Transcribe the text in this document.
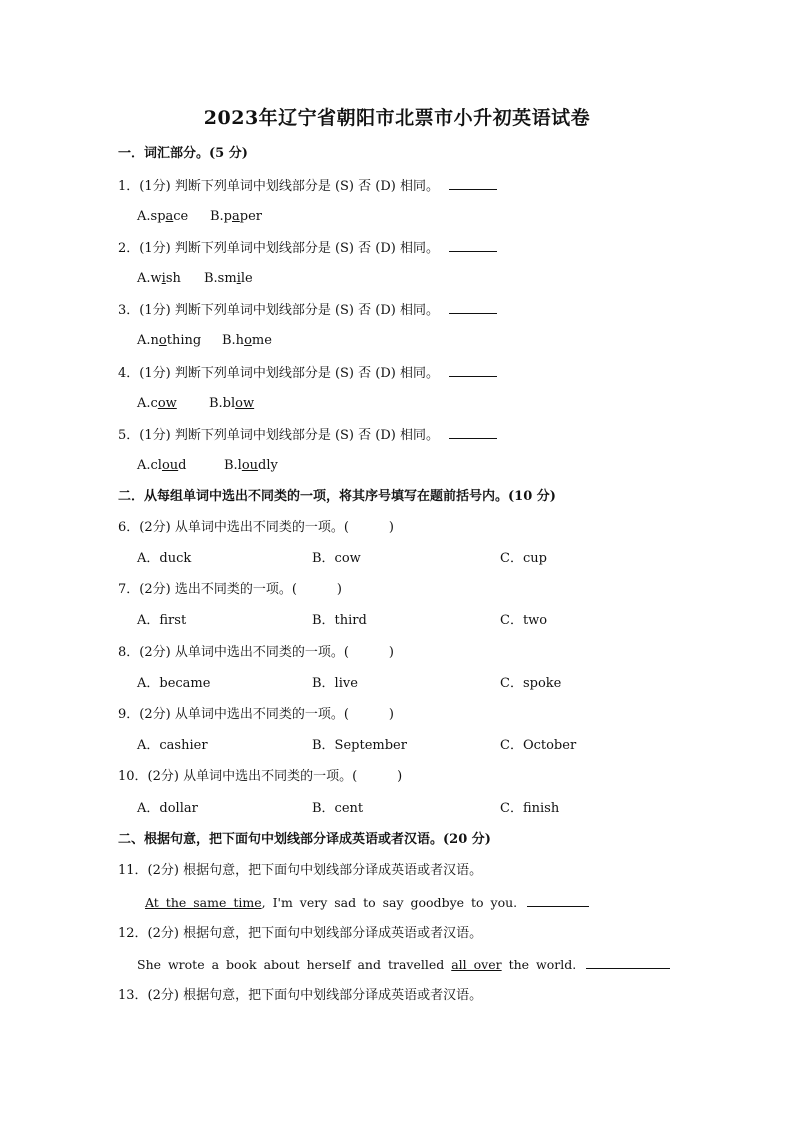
2023年辽宁省朝阳市北票市小升初英语试卷
一．词汇部分。(5 分)
1．(1分) 判断下列单词中划线部分是 (S) 否 (D) 相同。
A.space B.paper
2．(1分) 判断下列单词中划线部分是 (S) 否 (D) 相同。
A.wish B.smile
3．(1分) 判断下列单词中划线部分是 (S) 否 (D) 相同。
A.nothing B.home
4．(1分) 判断下列单词中划线部分是 (S) 否 (D) 相同。
A.cow B.blow
5．(1分) 判断下列单词中划线部分是 (S) 否 (D) 相同。
A.cloud	B.loudly
二．从每组单词中选出不同类的一项，将其序号填写在题前括号内。(10 分)
6．(2分) 从单词中选出不同类的一项。(	)
A．duck	B．cow	C．cup
7．(2分) 选出不同类的一项。(	)
A．first	B．third	C．two
8．(2分) 从单词中选出不同类的一项。(	)
A．became	B．live	C．spoke
9．(2分) 从单词中选出不同类的一项。(	)
A．cashier	B．September	C．October
10．(2分) 从单词中选出不同类的一项。(	)
A．dollar	B．cent	C．finish
二、根据句意，把下面句中划线部分译成英语或者汉语。(20 分)
11．(2分) 根据句意，把下面句中划线部分译成英语或者汉语。
At the same time, I'm very sad to say goodbye to you.
12．(2分) 根据句意，把下面句中划线部分译成英语或者汉语。
She wrote a book about herself and travelled all over the world.
13．(2分) 根据句意，把下面句中划线部分译成英语或者汉语。
